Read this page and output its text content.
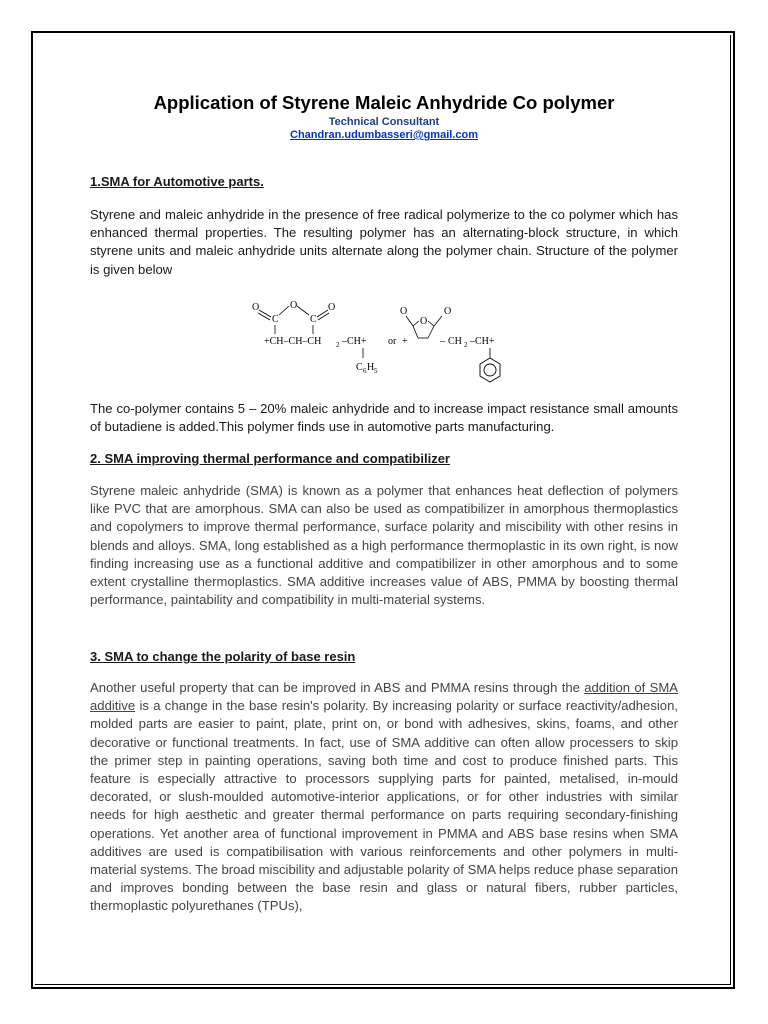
Application of Styrene Maleic Anhydride Co polymer
Technical Consultant
Chandran.udumbasseri@gmail.com
1.SMA for Automotive parts.
Styrene and maleic anhydride in the presence of free radical polymerize to the co polymer which has enhanced thermal properties. The resulting polymer has an alternating-block structure, in which styrene units and maleic anhydride units alternate along the polymer chain. Structure of the polymer is given below
O
C
O
C
O
+CH–CH–CH 2 –CH+
C 6 H 5
or +
O
O
O
– CH 2 –CH+
The co-polymer contains 5 – 20% maleic anhydride and to increase impact resistance small amounts of butadiene is added.This polymer finds use in automotive parts manufacturing.
2. SMA improving thermal performance and compatibilizer
Styrene maleic anhydride (SMA) is known as a polymer that enhances heat deflection of polymers like PVC that are amorphous. SMA can also be used as compatibilizer in amorphous thermoplastics and copolymers to improve thermal performance, surface polarity and miscibility with other resins in blends and alloys. SMA, long established as a high performance thermoplastic in its own right, is now finding increasing use as a functional additive and compatibilizer in other amorphous and to some extent crystalline thermoplastics. SMA additive increases value of ABS, PMMA by boosting thermal performance, paintability and compatibility in multi-material systems.
3. SMA to change the polarity of base resin
Another useful property that can be improved in ABS and PMMA resins through the addition of SMA additive is a change in the base resin's polarity. By increasing polarity or surface reactivity/adhesion, molded parts are easier to paint, plate, print on, or bond with adhesives, skins, foams, and other decorative or functional treatments. In fact, use of SMA additive can often allow processers to skip the primer step in painting operations, saving both time and cost to produce finished parts. This feature is especially attractive to processors supplying parts for painted, metalised, in-mould decorated, or slush-moulded automotive-interior applications, or for other industries with similar needs for high aesthetic and greater thermal performance on parts requiring secondary-finishing operations. Yet another area of functional improvement in PMMA and ABS base resins when SMA additives are used is compatibilisation with various reinforcements and other polymers in multi-material systems. The broad miscibility and adjustable polarity of SMA helps reduce phase separation and improves bonding between the base resin and glass or natural fibers, rubber particles, thermoplastic polyurethanes (TPUs),
